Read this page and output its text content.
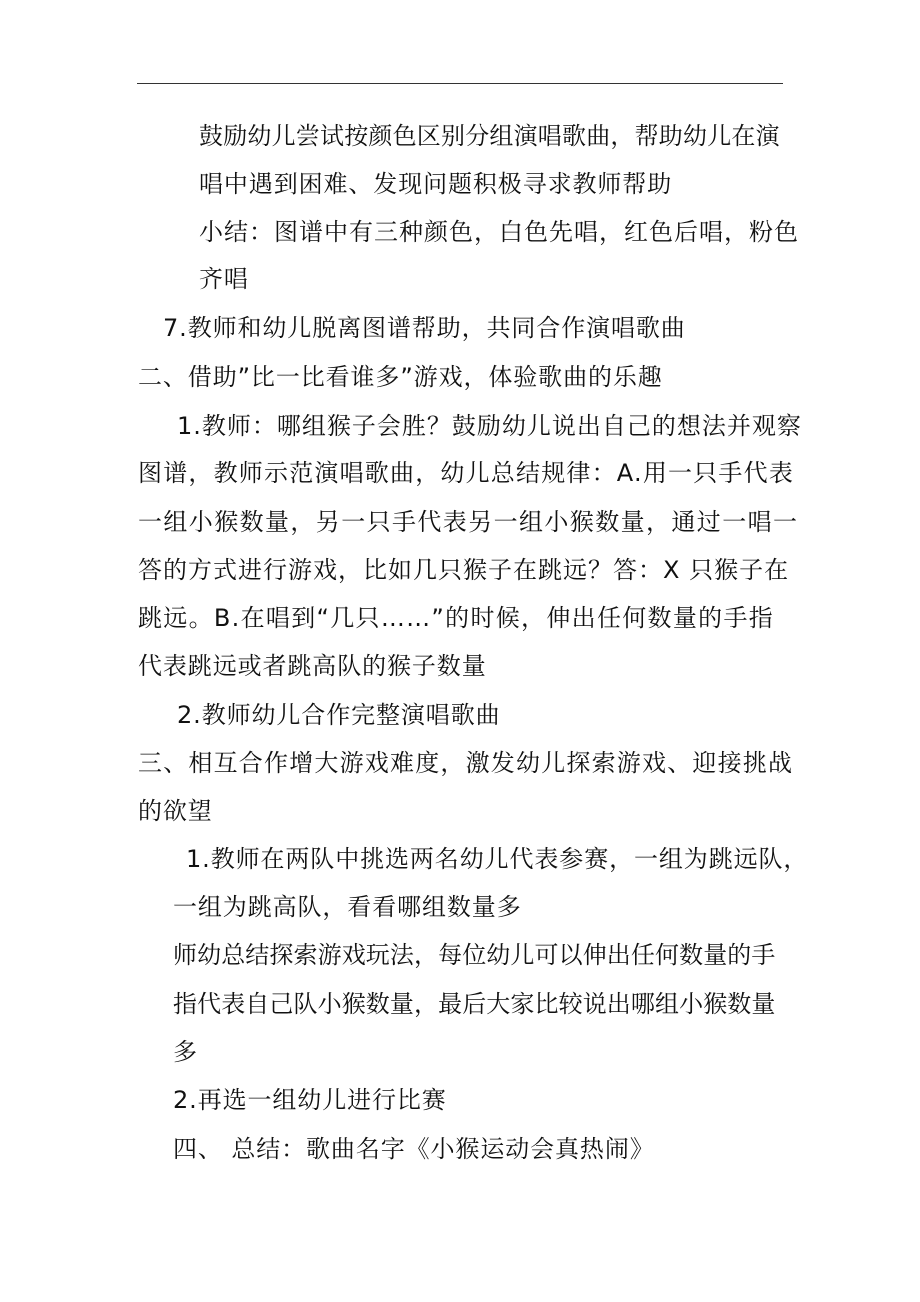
鼓励幼儿尝试按颜色区别分组演唱歌曲，帮助幼儿在演
唱中遇到困难、发现问题积极寻求教师帮助
小结：图谱中有三种颜色，白色先唱，红色后唱，粉色
齐唱
7.教师和幼儿脱离图谱帮助，共同合作演唱歌曲
二、借助”比一比看谁多”游戏，体验歌曲的乐趣
1.教师：哪组猴子会胜？鼓励幼儿说出自己的想法并观察
图谱，教师示范演唱歌曲，幼儿总结规律：A.用一只手代表
一组小猴数量，另一只手代表另一组小猴数量，通过一唱一
答的方式进行游戏，比如几只猴子在跳远？答：X 只猴子在
跳远。B.在唱到“几只……”的时候，伸出任何数量的手指
代表跳远或者跳高队的猴子数量
2.教师幼儿合作完整演唱歌曲
三、相互合作增大游戏难度，激发幼儿探索游戏、迎接挑战
的欲望
1.教师在两队中挑选两名幼儿代表参赛，一组为跳远队，
一组为跳高队，看看哪组数量多
师幼总结探索游戏玩法，每位幼儿可以伸出任何数量的手
指代表自己队小猴数量，最后大家比较说出哪组小猴数量
多
2.再选一组幼儿进行比赛
四、 总结：歌曲名字《小猴运动会真热闹》
